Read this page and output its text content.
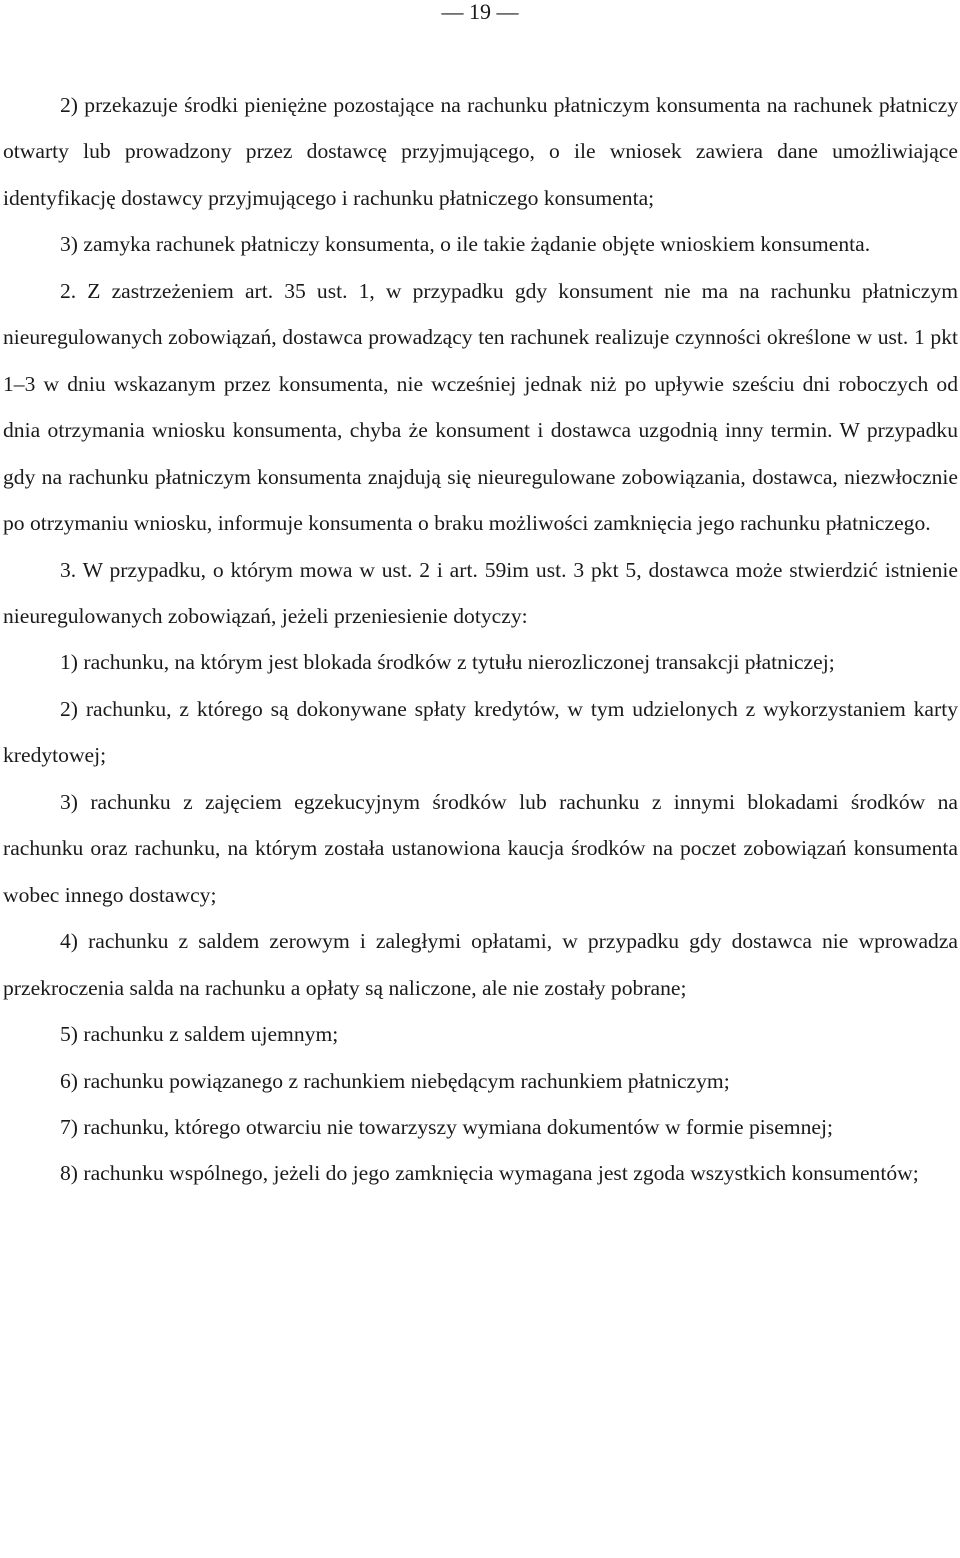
— 19 —

2) przekazuje środki pieniężne pozostające na rachunku płatniczym konsumenta na rachunek płatniczy otwarty lub prowadzony przez dostawcę przyjmującego, o ile wniosek zawiera dane umożliwiające identyfikację dostawcy przyjmującego i rachunku płatniczego konsumenta;

3) zamyka rachunek płatniczy konsumenta, o ile takie żądanie objęte wnioskiem konsumenta.

2. Z zastrzeżeniem art. 35 ust. 1, w przypadku gdy konsument nie ma na rachunku płatniczym nieuregulowanych zobowiązań, dostawca prowadzący ten rachunek realizuje czynności określone w ust. 1 pkt 1–3 w dniu wskazanym przez konsumenta, nie wcześniej jednak niż po upływie sześciu dni roboczych od dnia otrzymania wniosku konsumenta, chyba że konsument i dostawca uzgodnią inny termin. W przypadku gdy na rachunku płatniczym konsumenta znajdują się nieuregulowane zobowiązania, dostawca, niezwłocznie po otrzymaniu wniosku, informuje konsumenta o braku możliwości zamknięcia jego rachunku płatniczego.

3. W przypadku, o którym mowa w ust. 2 i art. 59im ust. 3 pkt 5, dostawca może stwierdzić istnienie nieuregulowanych zobowiązań, jeżeli przeniesienie dotyczy:

1) rachunku, na którym jest blokada środków z tytułu nierozliczonej transakcji płatniczej;

2) rachunku, z którego są dokonywane spłaty kredytów, w tym udzielonych z wykorzystaniem karty kredytowej;

3) rachunku z zajęciem egzekucyjnym środków lub rachunku z innymi blokadami środków na rachunku oraz rachunku, na którym została ustanowiona kaucja środków na poczet zobowiązań konsumenta wobec innego dostawcy;

4) rachunku z saldem zerowym i zaległymi opłatami, w przypadku gdy dostawca nie wprowadza przekroczenia salda na rachunku a opłaty są naliczone, ale nie zostały pobrane;

5) rachunku z saldem ujemnym;

6) rachunku powiązanego z rachunkiem niebędącym rachunkiem płatniczym;

7) rachunku, którego otwarciu nie towarzyszy wymiana dokumentów w formie pisemnej;

8) rachunku wspólnego, jeżeli do jego zamknięcia wymagana jest zgoda wszystkich konsumentów;
